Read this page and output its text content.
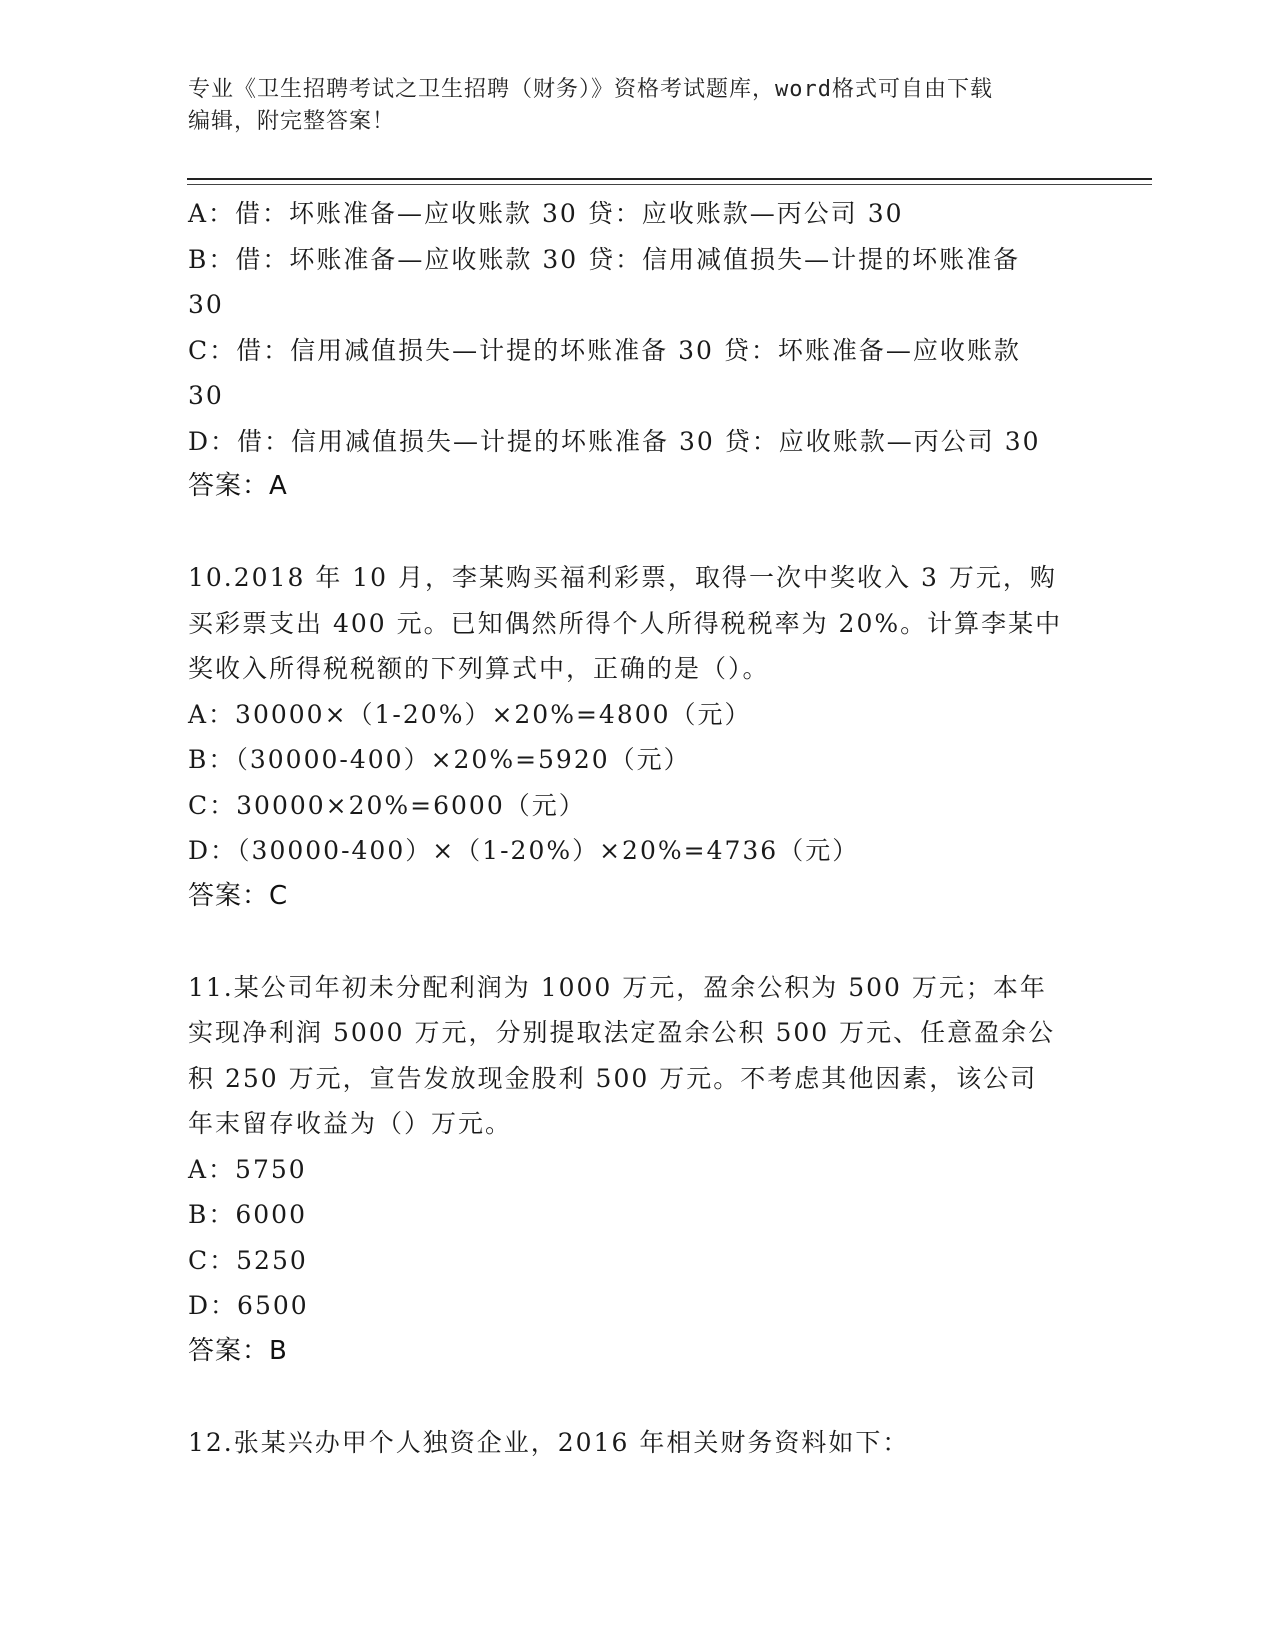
专业《卫生招聘考试之卫生招聘（财务）》资格考试题库，word格式可自由下载
编辑，附完整答案！
A：借：坏账准备—应收账款 30 贷：应收账款—丙公司 30
B：借：坏账准备—应收账款 30 贷：信用减值损失—计提的坏账准备
30
C：借：信用减值损失—计提的坏账准备 30 贷：坏账准备—应收账款
30
D：借：信用减值损失—计提的坏账准备 30 贷：应收账款—丙公司 30
答案：A
10.2018 年 10 月，李某购买福利彩票，取得一次中奖收入 3 万元，购
买彩票支出 400 元。已知偶然所得个人所得税税率为 20%。计算李某中
奖收入所得税税额的下列算式中，正确的是（）。
A：30000×（1-20%）×20%=4800（元）
B：（30000-400）×20%=5920（元）
C：30000×20%=6000（元）
D：（30000-400）×（1-20%）×20%=4736（元）
答案：C
11.某公司年初未分配利润为 1000 万元，盈余公积为 500 万元；本年
实现净利润 5000 万元，分别提取法定盈余公积 500 万元、任意盈余公
积 250 万元，宣告发放现金股利 500 万元。不考虑其他因素，该公司
年末留存收益为（）万元。
A：5750
B：6000
C：5250
D：6500
答案：B
12.张某兴办甲个人独资企业，2016 年相关财务资料如下：
